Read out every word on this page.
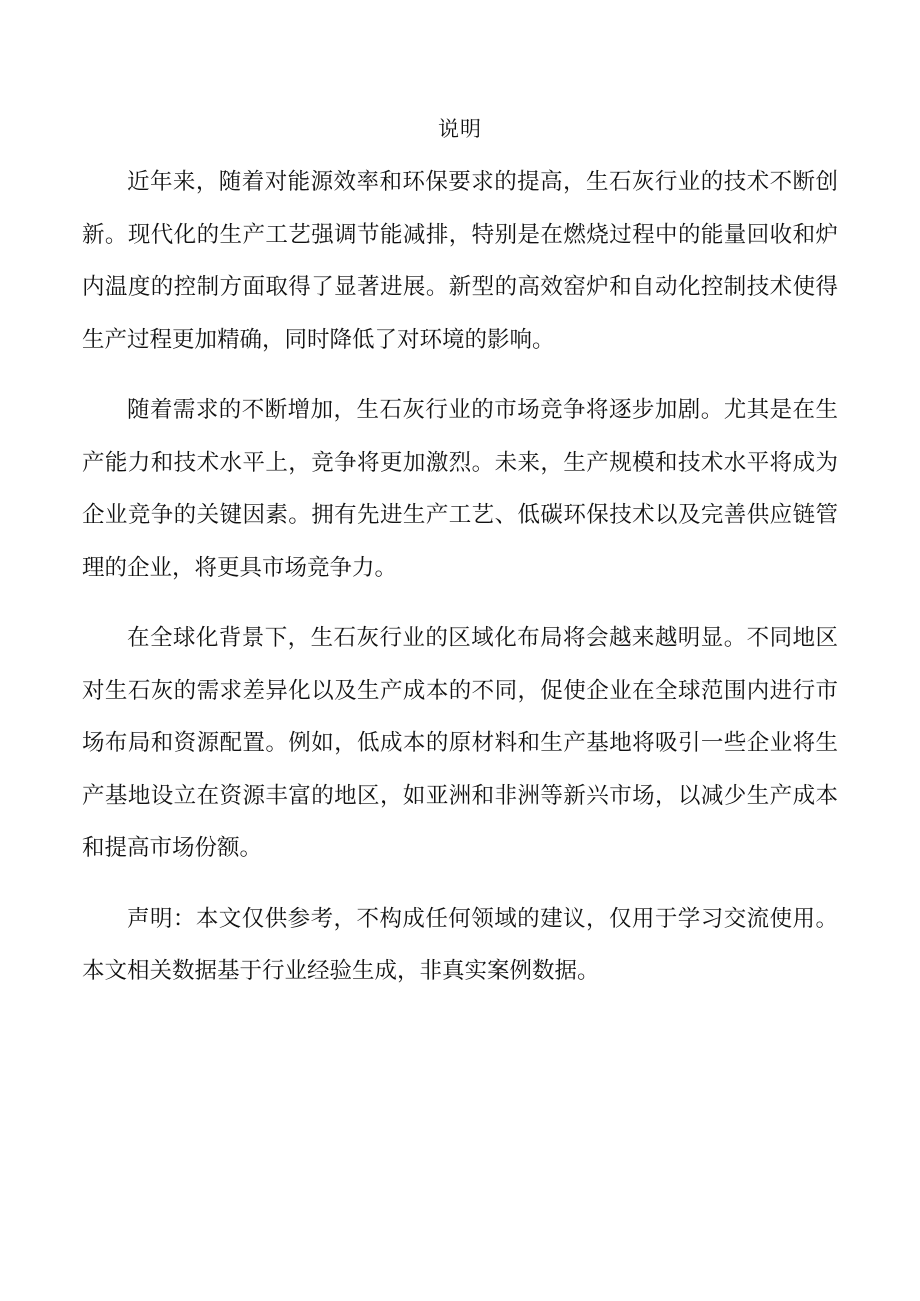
说明

近年来，随着对能源效率和环保要求的提高，生石灰行业的技术不断创新。现代化的生产工艺强调节能减排，特别是在燃烧过程中的能量回收和炉内温度的控制方面取得了显著进展。新型的高效窑炉和自动化控制技术使得生产过程更加精确，同时降低了对环境的影响。

随着需求的不断增加，生石灰行业的市场竞争将逐步加剧。尤其是在生产能力和技术水平上，竞争将更加激烈。未来，生产规模和技术水平将成为企业竞争的关键因素。拥有先进生产工艺、低碳环保技术以及完善供应链管理的企业，将更具市场竞争力。

在全球化背景下，生石灰行业的区域化布局将会越来越明显。不同地区对生石灰的需求差异化以及生产成本的不同，促使企业在全球范围内进行市场布局和资源配置。例如，低成本的原材料和生产基地将吸引一些企业将生产基地设立在资源丰富的地区，如亚洲和非洲等新兴市场，以减少生产成本和提高市场份额。

声明：本文仅供参考，不构成任何领域的建议，仅用于学习交流使用。本文相关数据基于行业经验生成，非真实案例数据。
